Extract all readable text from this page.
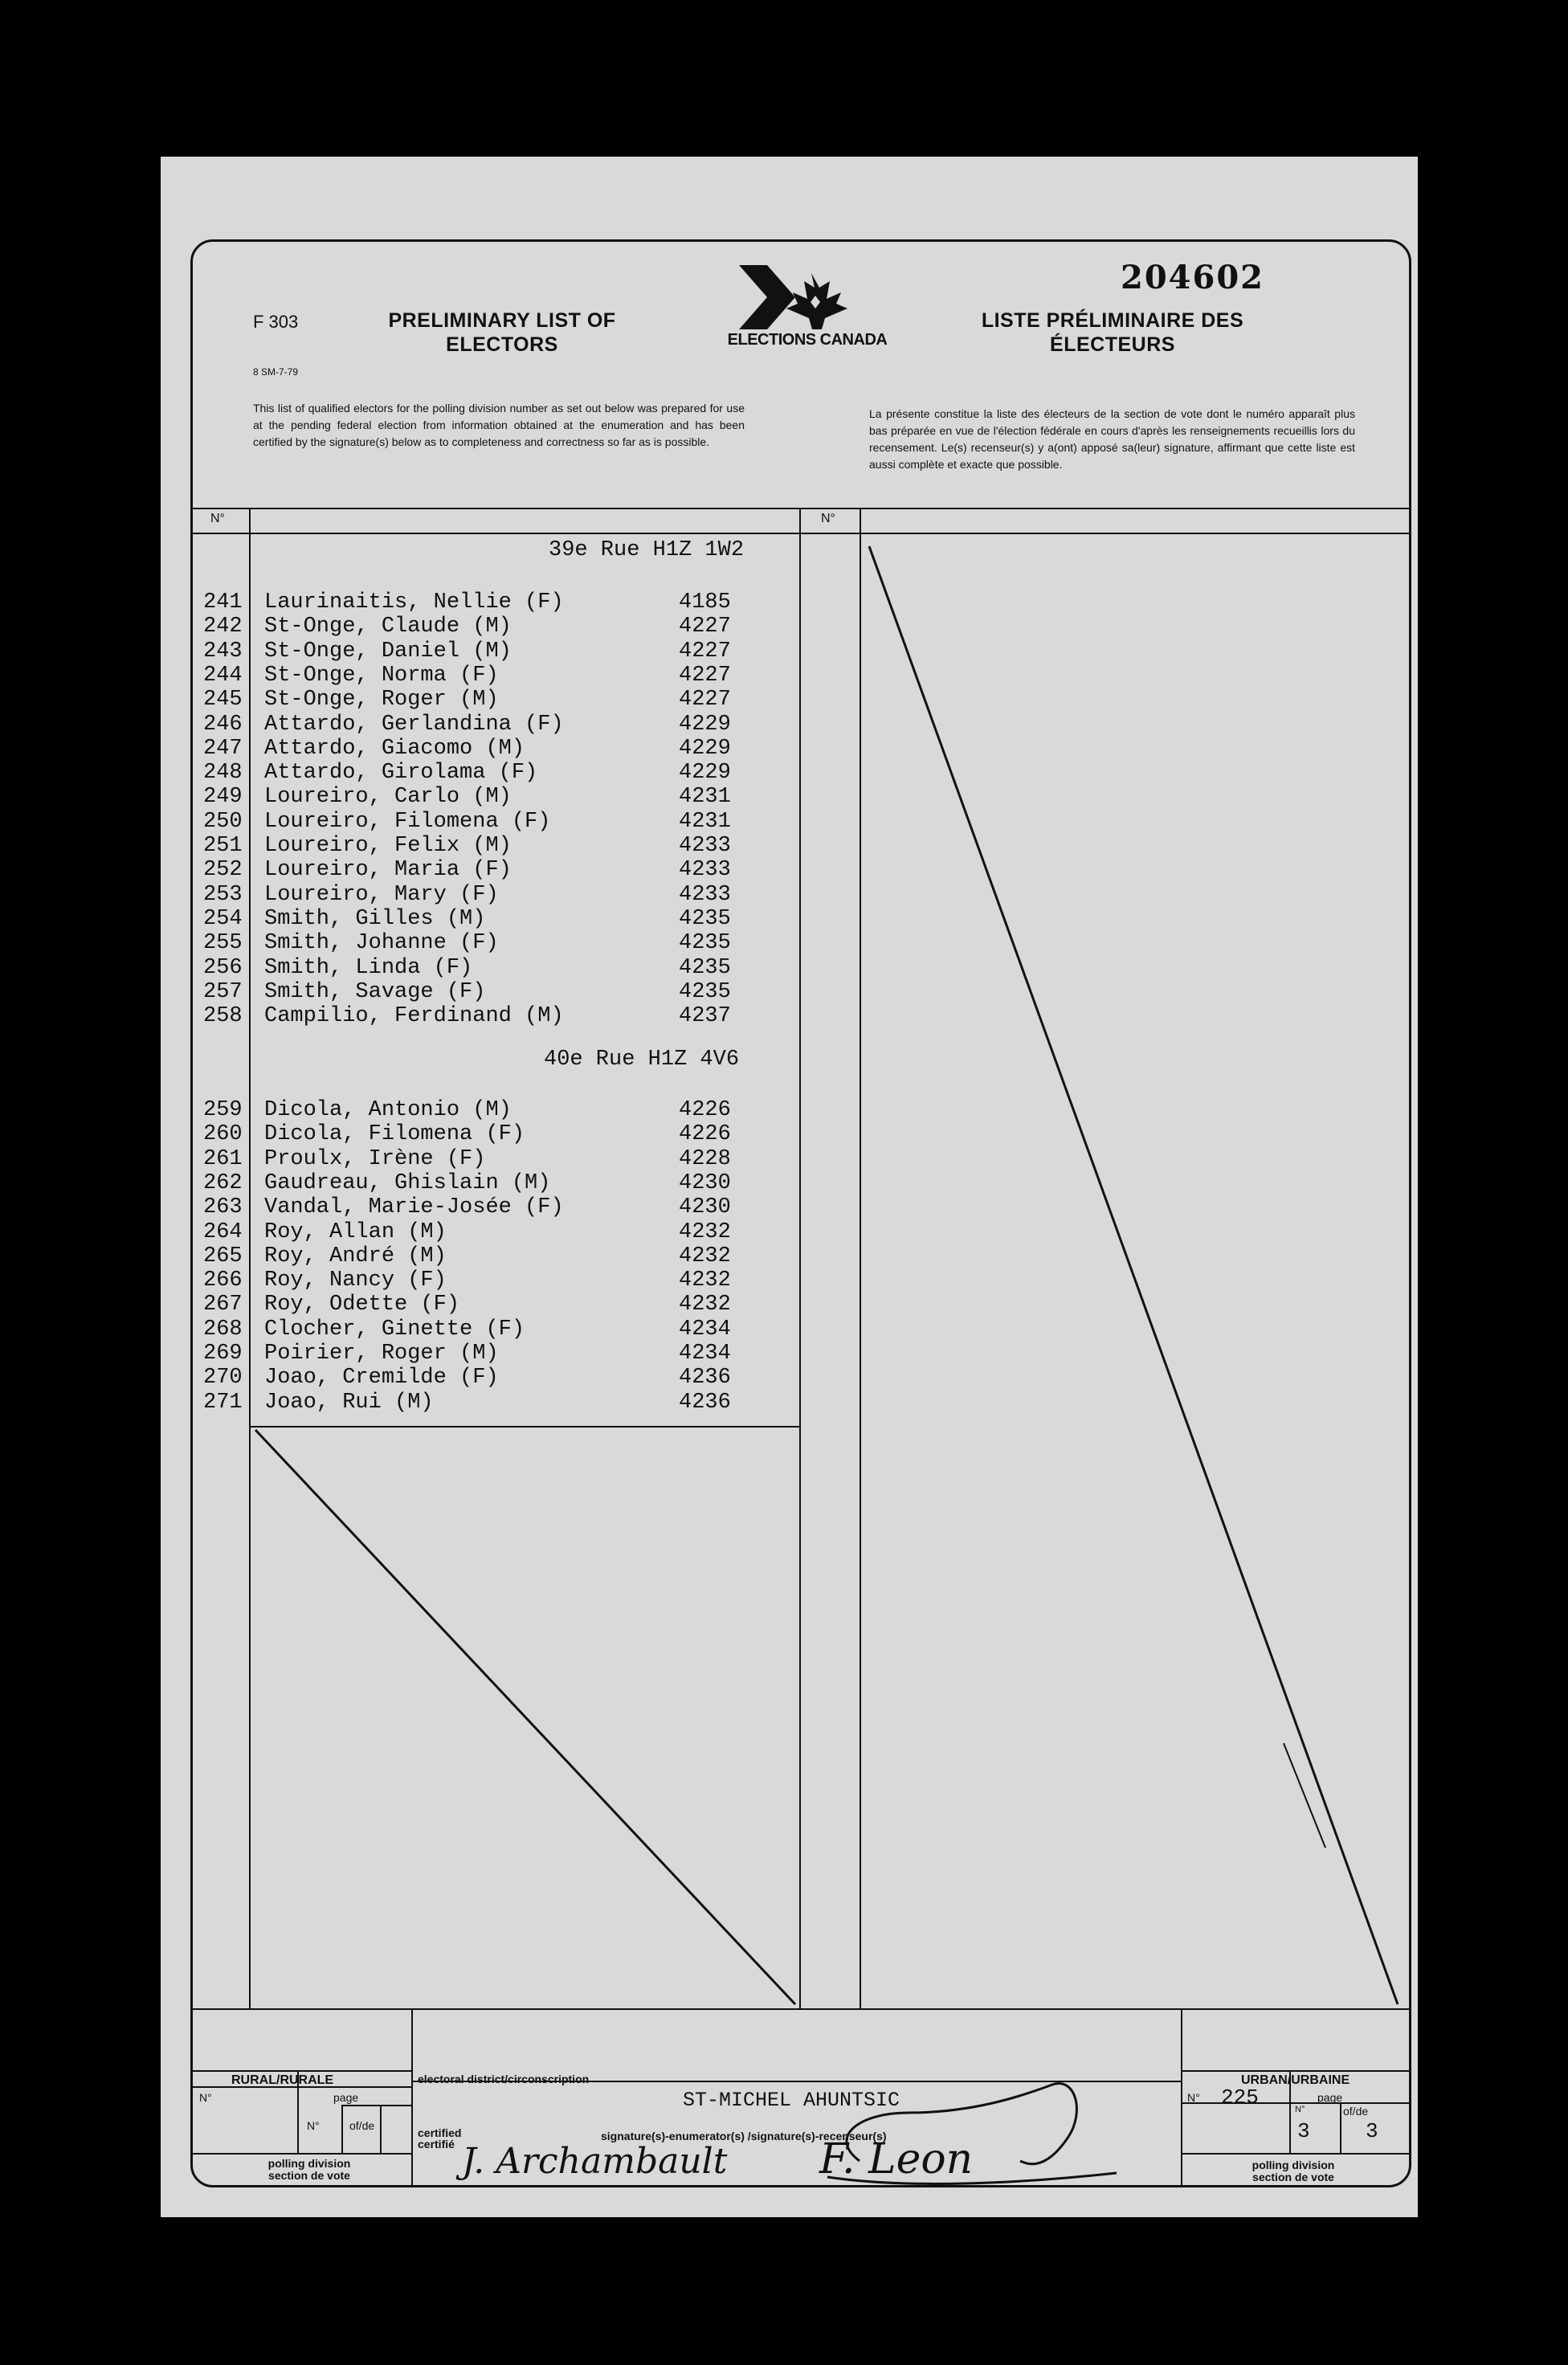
F 303
8 SM-7-79
PRELIMINARY LIST OF ELECTORS
LISTE PRÉLIMINAIRE DES ÉLECTEURS
204602
ELECTIONS CANADA
This list of qualified electors for the polling division number as set out below was prepared for use at the pending federal election from information obtained at the enumeration and has been certified by the signature(s) below as to completeness and correctness so far as is possible.
La présente constitue la liste des électeurs de la section de vote dont le numéro apparaît plus bas préparée en vue de l'élection fédérale en cours d'après les renseignements recueillis lors du recensement. Le(s) recenseur(s) y a(ont) apposé sa(leur) signature, affirmant que cette liste est aussi complète et exacte que possible.
N°	N°
39e Rue H1Z 1W2
241	Laurinaitis, Nellie (F)	4185
242	St-Onge, Claude (M)	4227
243	St-Onge, Daniel (M)	4227
244	St-Onge, Norma (F)	4227
245	St-Onge, Roger (M)	4227
246	Attardo, Gerlandina (F)	4229
247	Attardo, Giacomo (M)	4229
248	Attardo, Girolama (F)	4229
249	Loureiro, Carlo (M)	4231
250	Loureiro, Filomena (F)	4231
251	Loureiro, Felix (M)	4233
252	Loureiro, Maria (F)	4233
253	Loureiro, Mary (F)	4233
254	Smith, Gilles (M)	4235
255	Smith, Johanne (F)	4235
256	Smith, Linda (F)	4235
257	Smith, Savage (F)	4235
258	Campilio, Ferdinand (M)	4237
40e Rue H1Z 4V6
259	Dicola, Antonio (M)	4226
260	Dicola, Filomena (F)	4226
261	Proulx, Irène (F)	4228
262	Gaudreau, Ghislain (M)	4230
263	Vandal, Marie-Josée (F)	4230
264	Roy, Allan (M)	4232
265	Roy, André (M)	4232
266	Roy, Nancy (F)	4232
267	Roy, Odette (F)	4232
268	Clocher, Ginette (F)	4234
269	Poirier, Roger (M)	4234
270	Joao, Cremilde (F)	4236
271	Joao, Rui (M)	4236
RURAL/RURALE
N°	page
N°	of/de
polling division section de vote
electoral district/circonscription
ST-MICHEL AHUNTSIC
certified certifié
signature(s)-enumerator(s) /signature(s)-recenseur(s)
J. Archambault F. Leon
URBAN/URBAINE
N° 225	page
N°
3
of/de
3
polling division section de vote
